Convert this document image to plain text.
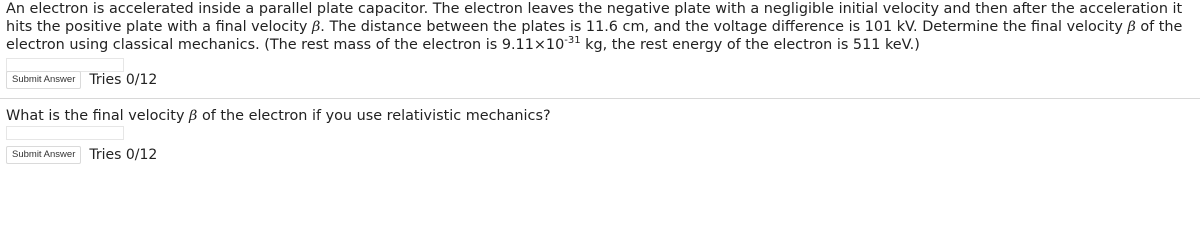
An electron is accelerated inside a parallel plate capacitor. The electron leaves the negative plate with a negligible initial velocity and then after the acceleration it hits the positive plate with a final velocity β. The distance between the plates is 11.6 cm, and the voltage difference is 101 kV. Determine the final velocity β of the electron using classical mechanics. (The rest mass of the electron is $9.11\times 10^{-31}$ kg, the rest energy of the electron is 511 keV.)

Submit Answer	Tries 0/12

What is the final velocity β of the electron if you use relativistic mechanics?

Submit Answer	Tries 0/12
